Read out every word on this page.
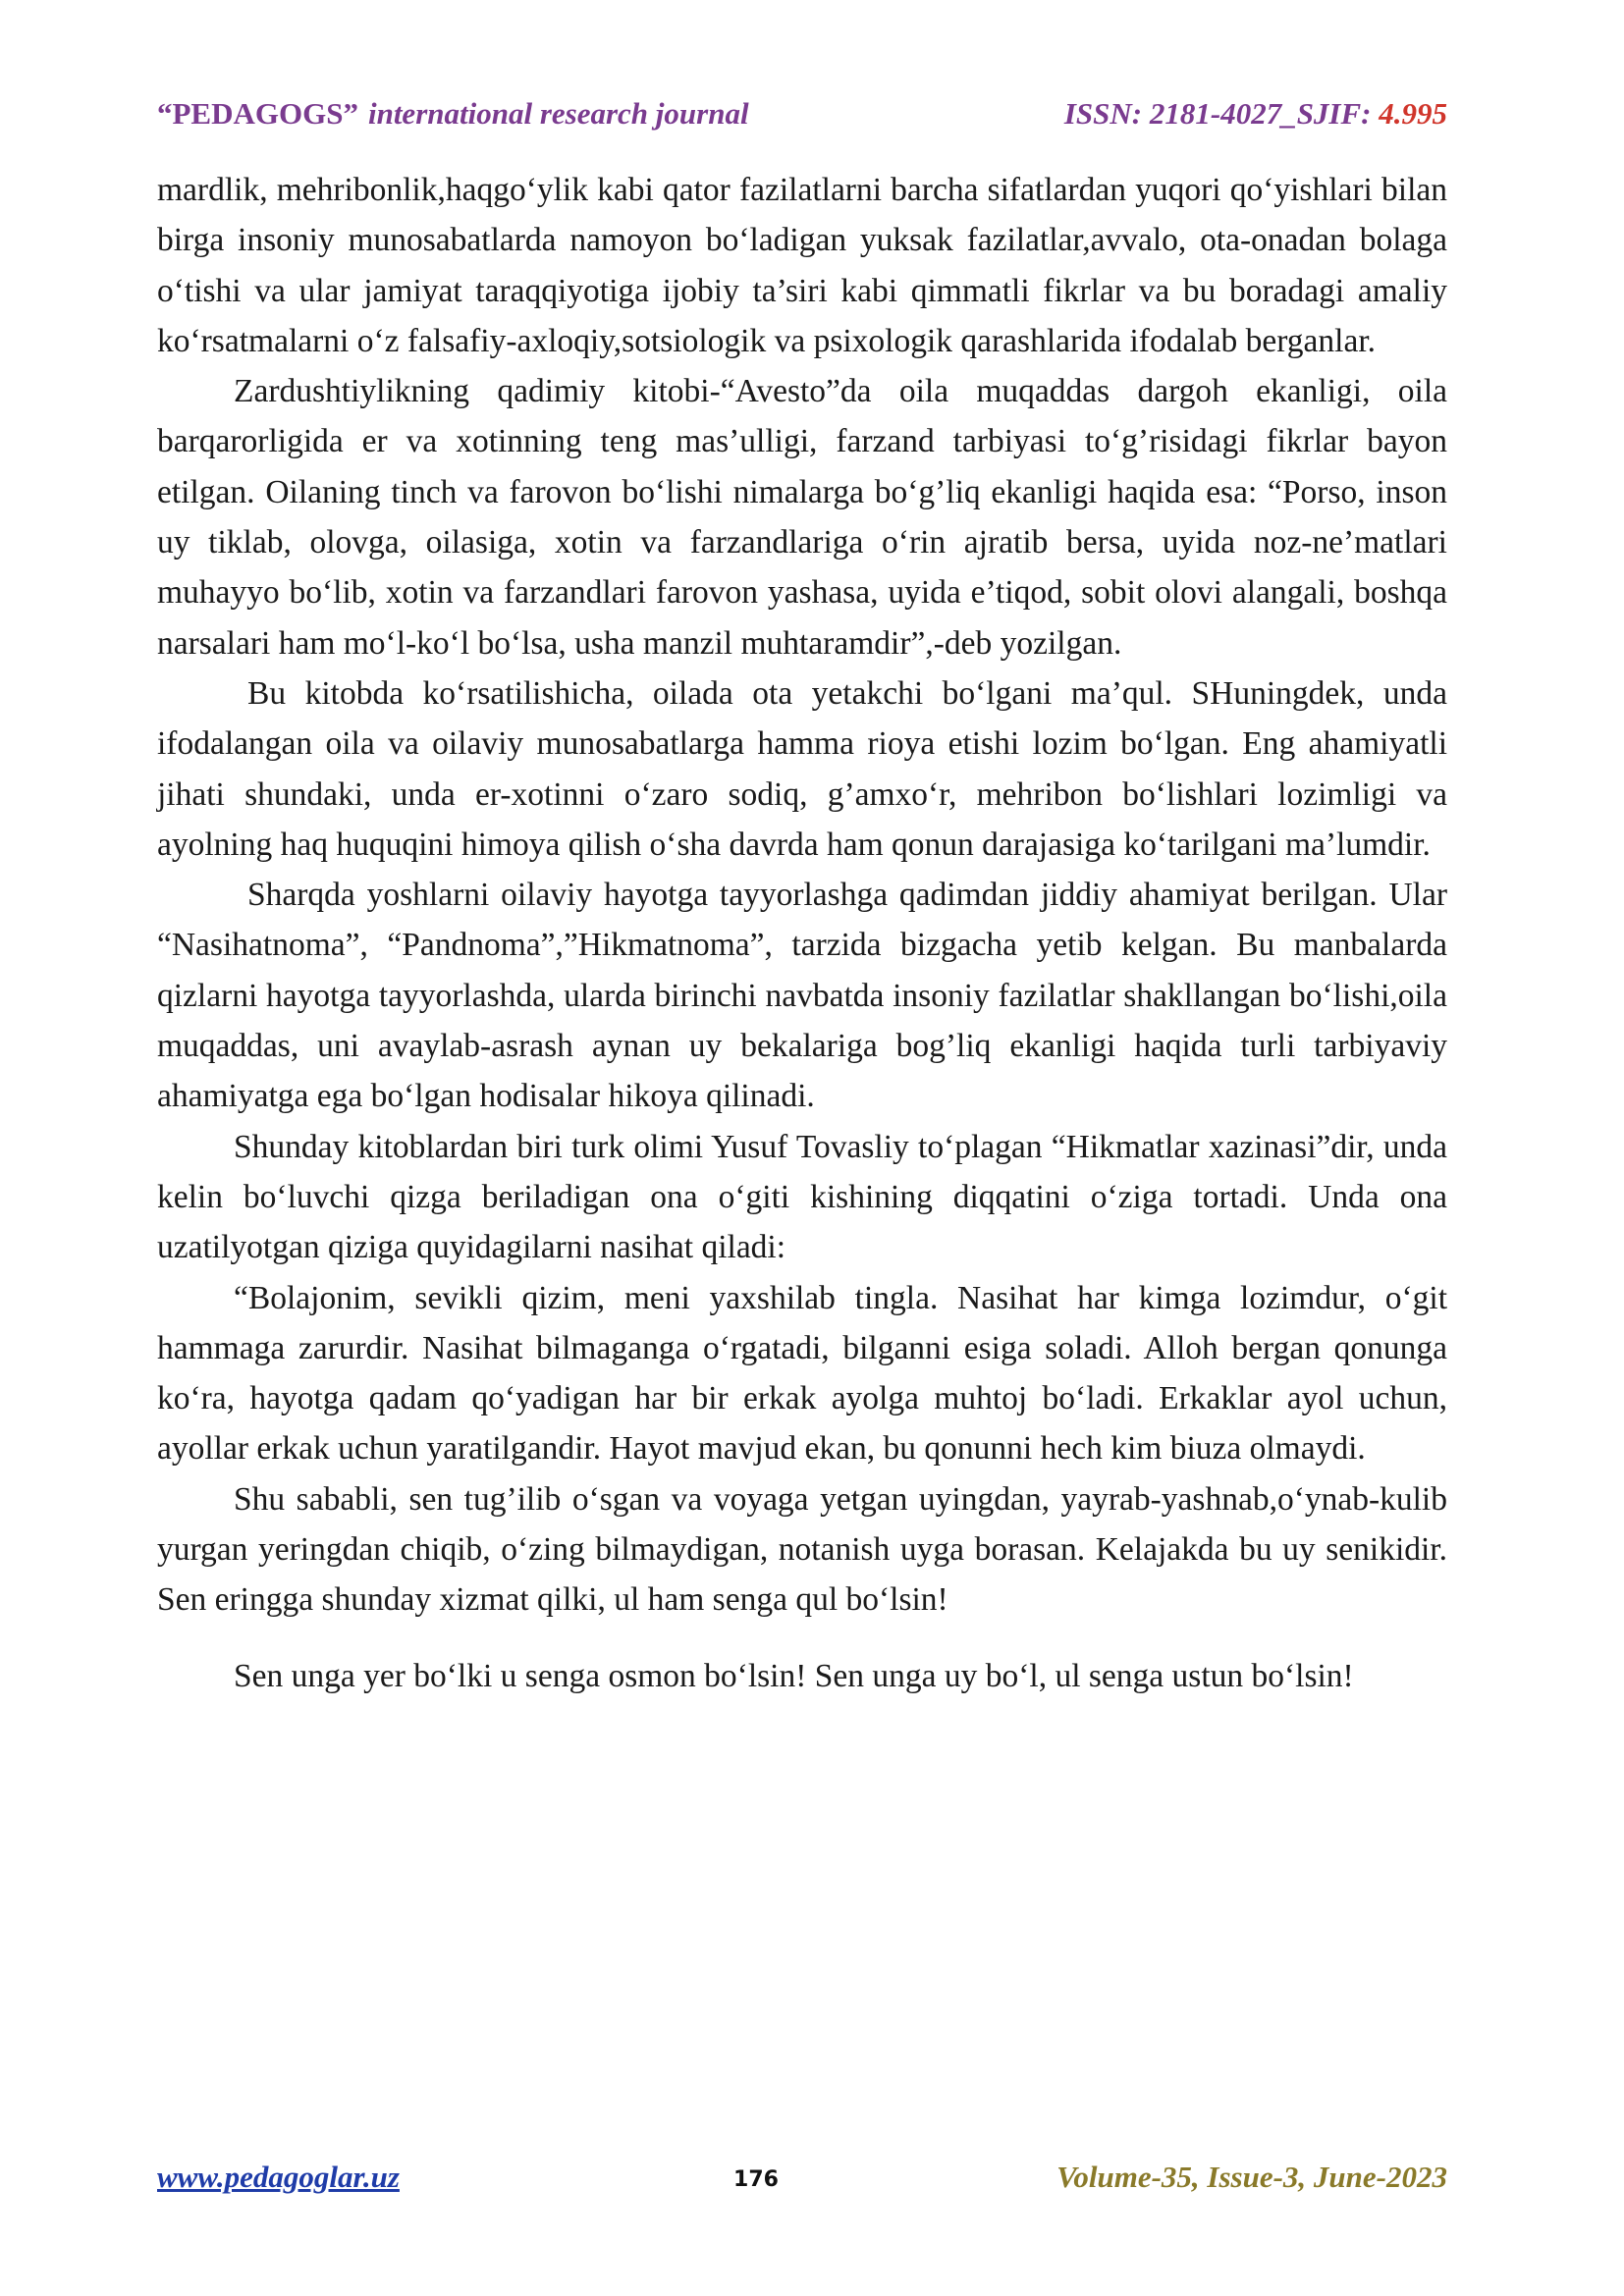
“PEDAGOGS” international research journal	ISSN: 2181-4027_SJIF: 4.995

mardlik, mehribonlik,haqgo‘ylik kabi qator fazilatlarni barcha sifatlardan yuqori qo‘yishlari bilan birga insoniy munosabatlarda namoyon bo‘ladigan yuksak fazilatlar,avvalo, ota-onadan bolaga o‘tishi va ular jamiyat taraqqiyotiga ijobiy ta’siri kabi qimmatli fikrlar va bu boradagi amaliy ko‘rsatmalarni o‘z falsafiy-axloqiy,sotsiologik va psixologik qarashlarida ifodalab berganlar.

Zardushtiylikning qadimiy kitobi-“Avesto”da oila muqaddas dargoh ekanligi, oila barqarorligida er va xotinning teng mas’ulligi, farzand tarbiyasi to‘g’risidagi fikrlar bayon etilgan. Oilaning tinch va farovon bo‘lishi nimalarga bo‘g’liq ekanligi haqida esa: “Porso, inson uy tiklab, olovga, oilasiga, xotin va farzandlariga o‘rin ajratib bersa, uyida noz-ne’matlari muhayyo bo‘lib, xotin va farzandlari farovon yashasa, uyida e’tiqod, sobit olovi alangali, boshqa narsalari ham mo‘l-ko‘l bo‘lsa, usha manzil muhtaramdir”,-deb yozilgan.

Bu kitobda ko‘rsatilishicha, oilada ota yetakchi bo‘lgani ma’qul. SHuningdek, unda ifodalangan oila va oilaviy munosabatlarga hamma rioya etishi lozim bo‘lgan. Eng ahamiyatli jihati shundaki, unda er-xotinni o‘zaro sodiq, g’amxo‘r, mehribon bo‘lishlari lozimligi va ayolning haq huquqini himoya qilish o‘sha davrda ham qonun darajasiga ko‘tarilgani ma’lumdir.

Sharqda yoshlarni oilaviy hayotga tayyorlashga qadimdan jiddiy ahamiyat berilgan. Ular “Nasihatnoma”, “Pandnoma”,”Hikmatnoma”, tarzida bizgacha yetib kelgan. Bu manbalarda qizlarni hayotga tayyorlashda, ularda birinchi navbatda insoniy fazilatlar shakllangan bo‘lishi,oila muqaddas, uni avaylab-asrash aynan uy bekalariga bog’liq ekanligi haqida turli tarbiyaviy ahamiyatga ega bo‘lgan hodisalar hikoya qilinadi.

Shunday kitoblardan biri turk olimi Yusuf Tovasliy to‘plagan “Hikmatlar xazinasi”dir, unda kelin bo‘luvchi qizga beriladigan ona o‘giti kishining diqqatini o‘ziga tortadi. Unda ona uzatilyotgan qiziga quyidagilarni nasihat qiladi:

“Bolajonim, sevikli qizim, meni yaxshilab tingla. Nasihat har kimga lozimdur, o‘git hammaga zarurdir. Nasihat bilmaganga o‘rgatadi, bilganni esiga soladi. Alloh bergan qonunga ko‘ra, hayotga qadam qo‘yadigan har bir erkak ayolga muhtoj bo‘ladi. Erkaklar ayol uchun, ayollar erkak uchun yaratilgandir. Hayot mavjud ekan, bu qonunni hech kim biuza olmaydi.

Shu sababli, sen tug’ilib o‘sgan va voyaga yetgan uyingdan, yayrab-yashnab,o‘ynab-kulib yurgan yeringdan chiqib, o‘zing bilmaydigan, notanish uyga borasan. Kelajakda bu uy senikidir. Sen eringga shunday xizmat qilki, ul ham senga qul bo‘lsin!

Sen unga yer bo‘lki u senga osmon bo‘lsin! Sen unga uy bo‘l, ul senga ustun bo‘lsin!

www.pedagoglar.uz	176	Volume-35, Issue-3, June-2023
